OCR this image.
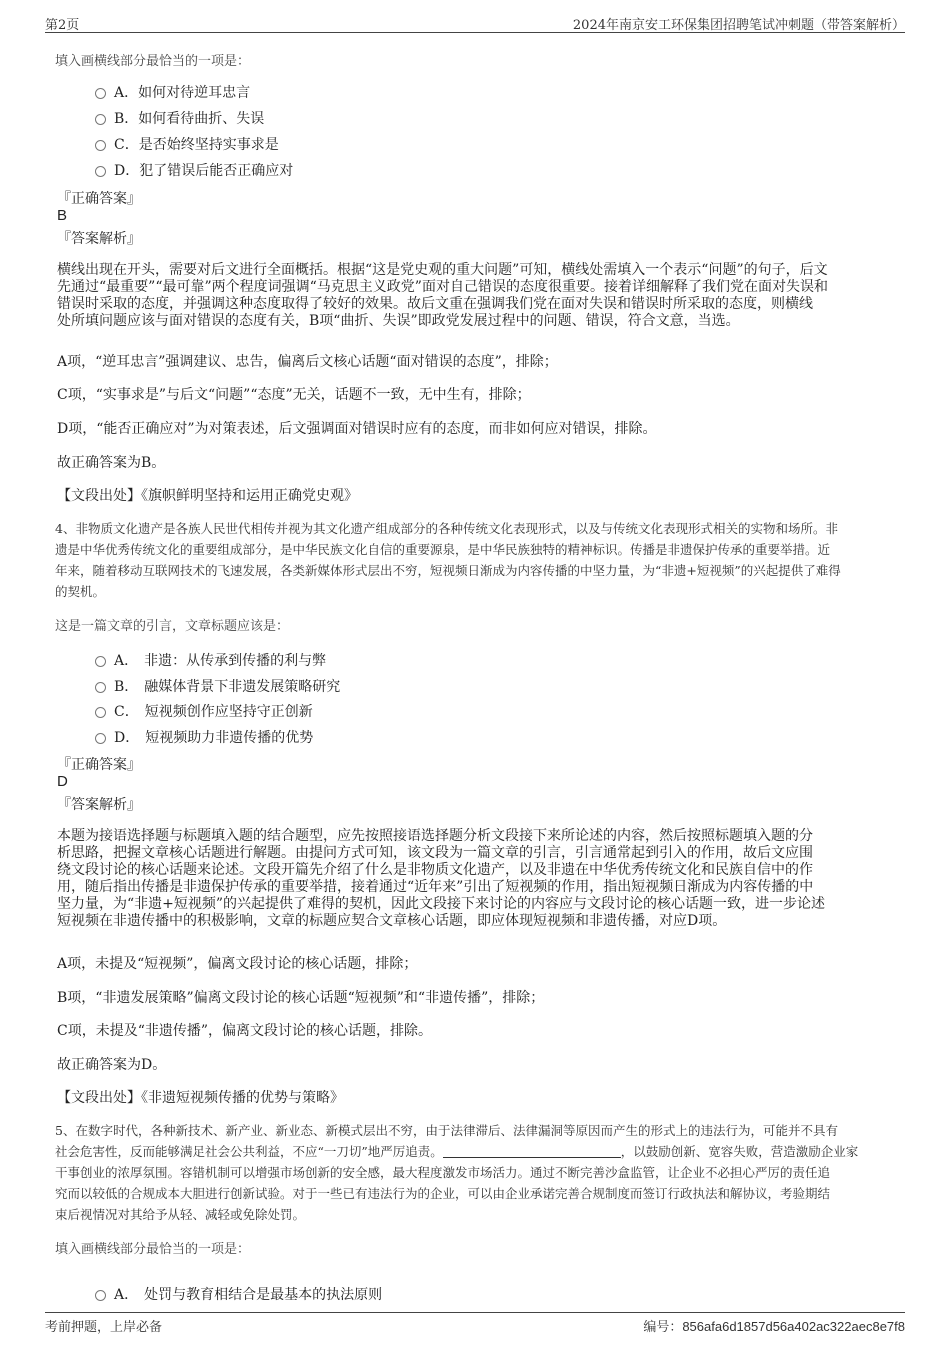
第2页	2024年南京安工环保集团招聘笔试冲刺题（带答案解析）
填入画横线部分最恰当的一项是：
A．如何对待逆耳忠言
B．如何看待曲折、失误
C．是否始终坚持实事求是
D．犯了错误后能否正确应对
『正确答案』
B
『答案解析』
横线出现在开头，需要对后文进行全面概括。根据“这是党史观的重大问题”可知，横线处需填入一个表示“问题”的句子，后文
先通过“最重要”“最可靠”两个程度词强调“马克思主义政党”面对自己错误的态度很重要。接着详细解释了我们党在面对失误和
错误时采取的态度，并强调这种态度取得了较好的效果。故后文重在强调我们党在面对失误和错误时所采取的态度，则横线
处所填问题应该与面对错误的态度有关，B项“曲折、失误”即政党发展过程中的问题、错误，符合文意，当选。
A项，“逆耳忠言”强调建议、忠告，偏离后文核心话题“面对错误的态度”，排除；
C项，“实事求是”与后文“问题”“态度”无关，话题不一致，无中生有，排除；
D项，“能否正确应对”为对策表述，后文强调面对错误时应有的态度，而非如何应对错误，排除。
故正确答案为B。
【文段出处】《旗帜鲜明坚持和运用正确党史观》
4、非物质文化遗产是各族人民世代相传并视为其文化遗产组成部分的各种传统文化表现形式，以及与传统文化表现形式相关的实物和场所。非
遗是中华优秀传统文化的重要组成部分，是中华民族文化自信的重要源泉，是中华民族独特的精神标识。传播是非遗保护传承的重要举措。近
年来，随着移动互联网技术的飞速发展，各类新媒体形式层出不穷，短视频日渐成为内容传播的中坚力量，为“非遗+短视频”的兴起提供了难得
的契机。
这是一篇文章的引言，文章标题应该是：
A． 非遗：从传承到传播的利与弊
B． 融媒体背景下非遗发展策略研究
C． 短视频创作应坚持守正创新
D． 短视频助力非遗传播的优势
『正确答案』
D
『答案解析』
本题为接语选择题与标题填入题的结合题型，应先按照接语选择题分析文段接下来所论述的内容，然后按照标题填入题的分
析思路，把握文章核心话题进行解题。由提问方式可知，该文段为一篇文章的引言，引言通常起到引入的作用，故后文应围
绕文段讨论的核心话题来论述。文段开篇先介绍了什么是非物质文化遗产，以及非遗在中华优秀传统文化和民族自信中的作
用，随后指出传播是非遗保护传承的重要举措，接着通过“近年来”引出了短视频的作用，指出短视频日渐成为内容传播的中
坚力量，为“非遗+短视频”的兴起提供了难得的契机，因此文段接下来讨论的内容应与文段讨论的核心话题一致，进一步论述
短视频在非遗传播中的积极影响，文章的标题应契合文章核心话题，即应体现短视频和非遗传播，对应D项。
A项，未提及“短视频”，偏离文段讨论的核心话题，排除；
B项，“非遗发展策略”偏离文段讨论的核心话题“短视频”和“非遗传播”，排除；
C项，未提及“非遗传播”，偏离文段讨论的核心话题，排除。
故正确答案为D。
【文段出处】《非遗短视频传播的优势与策略》
5、在数字时代，各种新技术、新产业、新业态、新模式层出不穷，由于法律滞后、法律漏洞等原因而产生的形式上的违法行为，可能并不具有
社会危害性，反而能够满足社会公共利益，不应“一刀切”地严厉追责。	，以鼓励创新、宽容失败，营造激励企业家
干事创业的浓厚氛围。容错机制可以增强市场创新的安全感，最大程度激发市场活力。通过不断完善沙盒监管，让企业不必担心严厉的责任追
究而以较低的合规成本大胆进行创新试验。对于一些已有违法行为的企业，可以由企业承诺完善合规制度而签订行政执法和解协议，考验期结
束后视情况对其给予从轻、减轻或免除处罚。
填入画横线部分最恰当的一项是：
A． 处罚与教育相结合是最基本的执法原则
考前押题，上岸必备	编号：856afa6d1857d56a402ac322aec8e7f8
